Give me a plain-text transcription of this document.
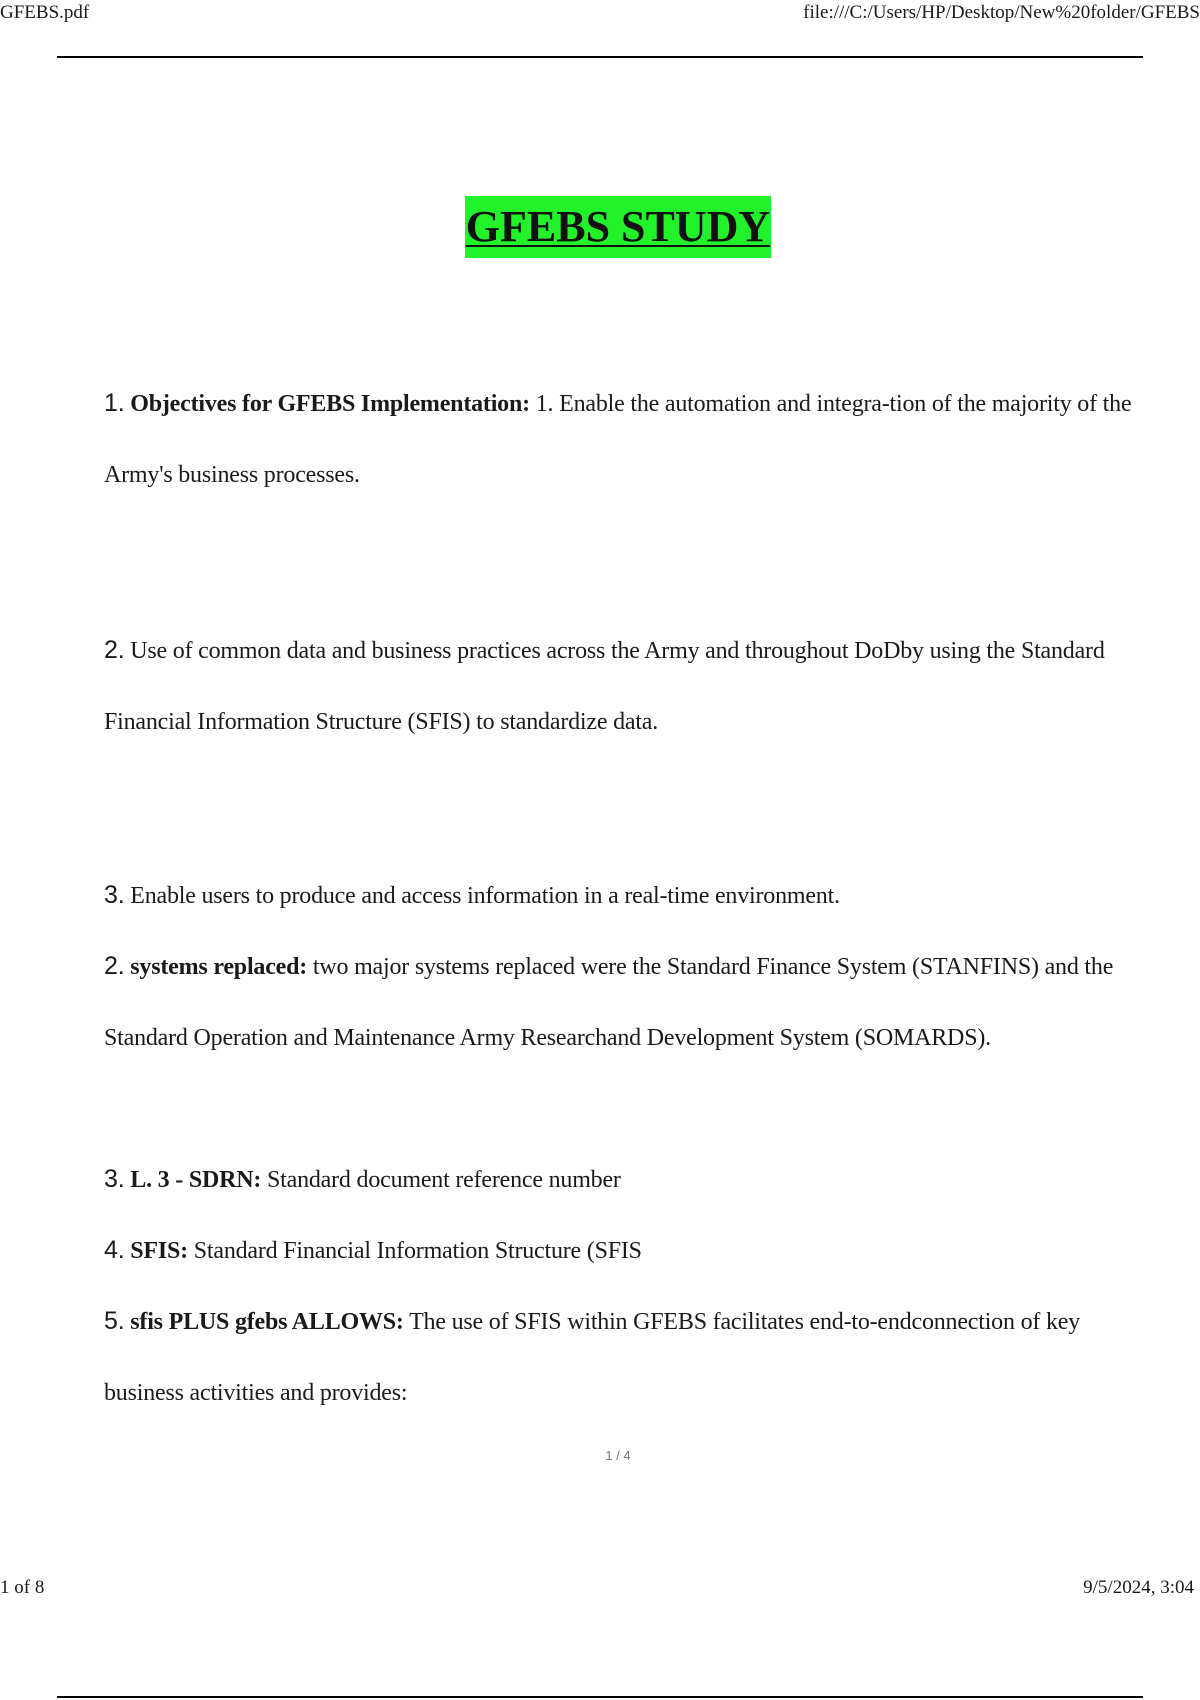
GFEBS.pdf	file:///C:/Users/HP/Desktop/New%20folder/GFEBS
GFEBS STUDY
1. Objectives for GFEBS Implementation: 1. Enable the automation and integra-tion of the majority of the Army's business processes.
2. Use of common data and business practices across the Army and throughout DoDby using the Standard Financial Information Structure (SFIS) to standardize data.
3. Enable users to produce and access information in a real-time environment.
2. systems replaced: two major systems replaced were the Standard Finance System (STANFINS) and the Standard Operation and Maintenance Army Researchand Development System (SOMARDS).
3. L. 3 - SDRN: Standard document reference number
4. SFIS: Standard Financial Information Structure (SFIS
5. sfis PLUS gfebs ALLOWS: The use of SFIS within GFEBS facilitates end-to-endconnection of key business activities and provides:
1 / 4
1 of 8	9/5/2024, 3:04
